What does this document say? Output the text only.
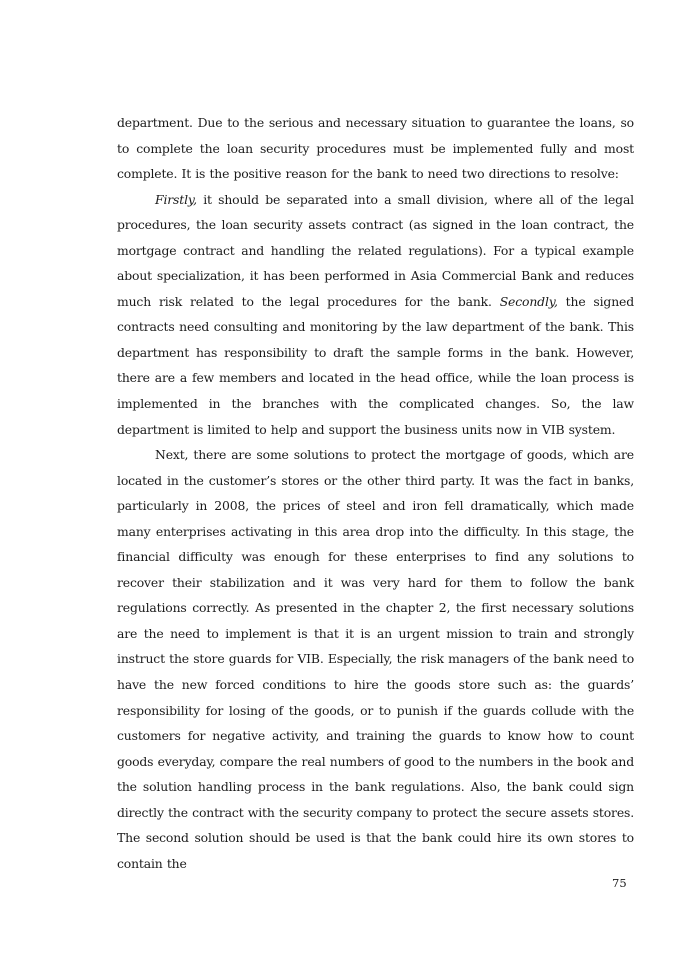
department. Due to the serious and necessary situation to guarantee the loans, so to complete the loan security procedures must be implemented fully and most complete. It is the positive reason for the bank to need two directions to resolve:

Firstly, it should be separated into a small division, where all of the legal procedures, the loan security assets contract (as signed in the loan contract, the mortgage contract and handling the related regulations). For a typical example about specialization, it has been performed in Asia Commercial Bank and reduces much risk related to the legal procedures for the bank. Secondly, the signed contracts need consulting and monitoring by the law department of the bank. This department has responsibility to draft the sample forms in the bank. However, there are a few members and located in the head office, while the loan process is implemented in the branches with the complicated changes. So, the law department is limited to help and support the business units now in VIB system.

Next, there are some solutions to protect the mortgage of goods, which are located in the customer’s stores or the other third party. It was the fact in banks, particularly in 2008, the prices of steel and iron fell dramatically, which made many enterprises activating in this area drop into the difficulty. In this stage, the financial difficulty was enough for these enterprises to find any solutions to recover their stabilization and it was very hard for them to follow the bank regulations correctly. As presented in the chapter 2, the first necessary solutions are the need to implement is that it is an urgent mission to train and strongly instruct the store guards for VIB. Especially, the risk managers of the bank need to have the new forced conditions to hire the goods store such as: the guards’ responsibility for losing of the goods, or to punish if the guards collude with the customers for negative activity, and training the guards to know how to count goods everyday, compare the real numbers of good to the numbers in the book and the solution handling process in the bank regulations. Also, the bank could sign directly the contract with the security company to protect the secure assets stores. The second solution should be used is that the bank could hire its own stores to contain the

75
